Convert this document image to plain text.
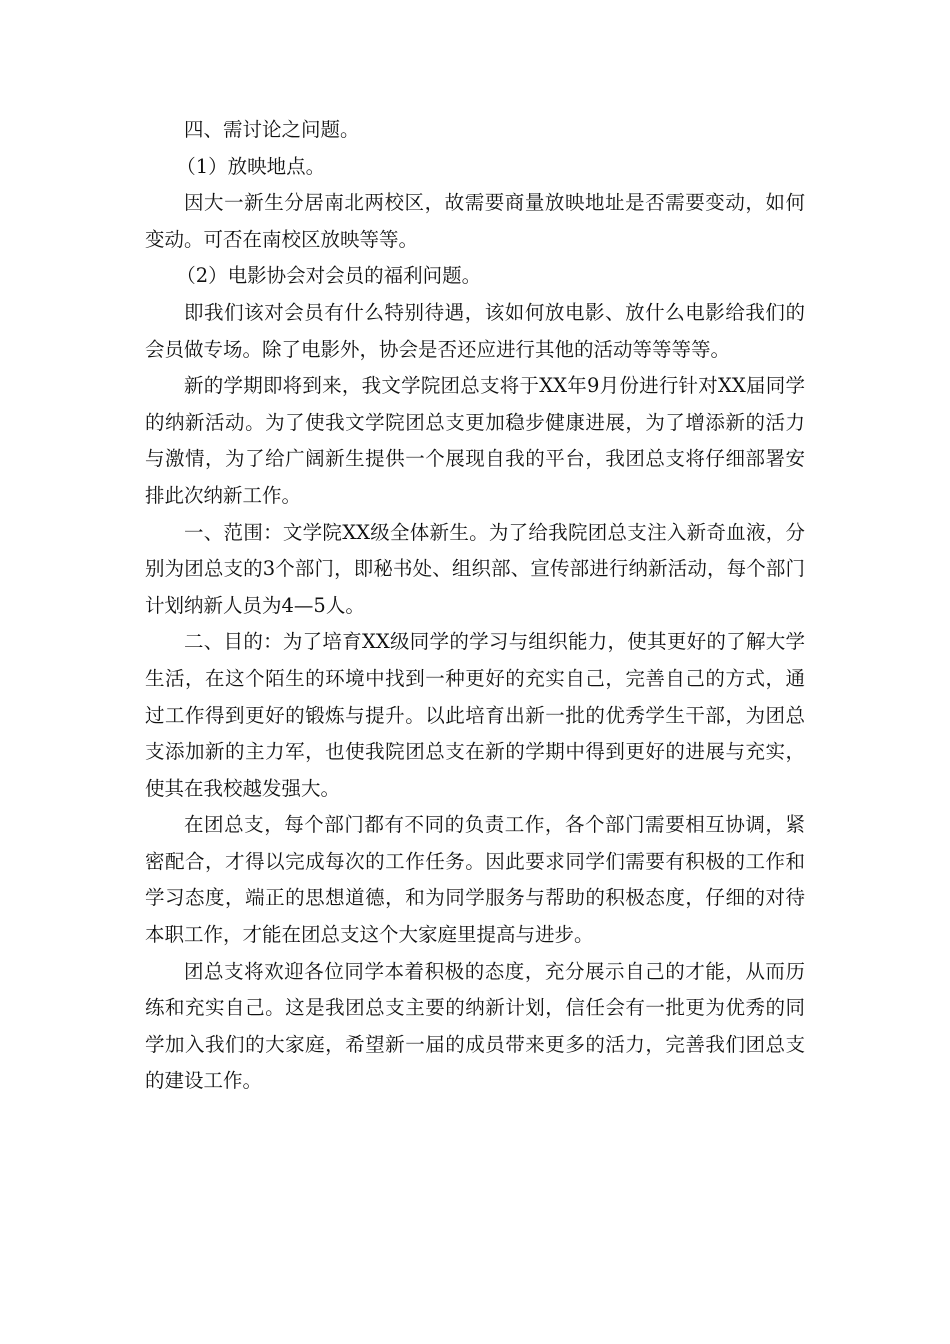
四、需讨论之问题。

（1）放映地点。

因大一新生分居南北两校区，故需要商量放映地址是否需要变动，如何变动。可否在南校区放映等等。

（2）电影协会对会员的福利问题。

即我们该对会员有什么特别待遇，该如何放电影、放什么电影给我们的会员做专场。除了电影外，协会是否还应进行其他的活动等等等等。

新的学期即将到来，我文学院团总支将于XX年9月份进行针对XX届同学的纳新活动。为了使我文学院团总支更加稳步健康进展，为了增添新的活力与激情，为了给广阔新生提供一个展现自我的平台，我团总支将仔细部署安排此次纳新工作。

一、范围：文学院XX级全体新生。为了给我院团总支注入新奇血液，分别为团总支的3个部门，即秘书处、组织部、宣传部进行纳新活动，每个部门计划纳新人员为4—5人。

二、目的：为了培育XX级同学的学习与组织能力，使其更好的了解大学生活，在这个陌生的环境中找到一种更好的充实自己，完善自己的方式，通过工作得到更好的锻炼与提升。以此培育出新一批的优秀学生干部，为团总支添加新的主力军，也使我院团总支在新的学期中得到更好的进展与充实，使其在我校越发强大。

在团总支，每个部门都有不同的负责工作，各个部门需要相互协调，紧密配合，才得以完成每次的工作任务。因此要求同学们需要有积极的工作和学习态度，端正的思想道德，和为同学服务与帮助的积极态度，仔细的对待本职工作，才能在团总支这个大家庭里提高与进步。

团总支将欢迎各位同学本着积极的态度，充分展示自己的才能，从而历练和充实自己。这是我团总支主要的纳新计划，信任会有一批更为优秀的同学加入我们的大家庭，希望新一届的成员带来更多的活力，完善我们团总支的建设工作。
